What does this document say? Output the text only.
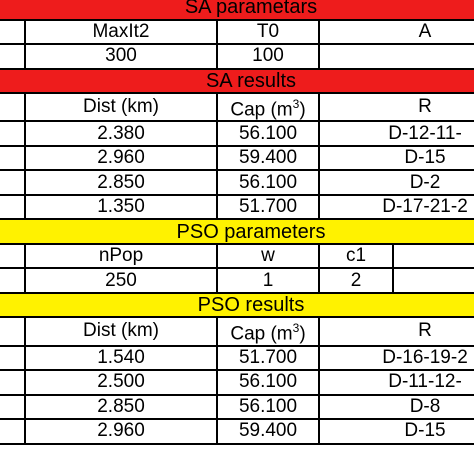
SA parametars				
	MaxIt2	T0	A	
	300	100		
SA results				
	Dist (km)	Cap $(m^3)$	R	
	2.380	56.100	D-12-11-	
	2.960	59.400	D-15	
	2.850	56.100	D-2	
	1.350	51.700	D-17-21-2	
PSO parameters				
	nPop	w	c1	
	250	1	2	
PSO results				
	Dist (km)	Cap $(m^3)$	R	
	1.540	51.700	D-16-19-2	
	2.500	56.100	D-11-12-	
	2.850	56.100	D-8	
	2.960	59.400	D-15	
